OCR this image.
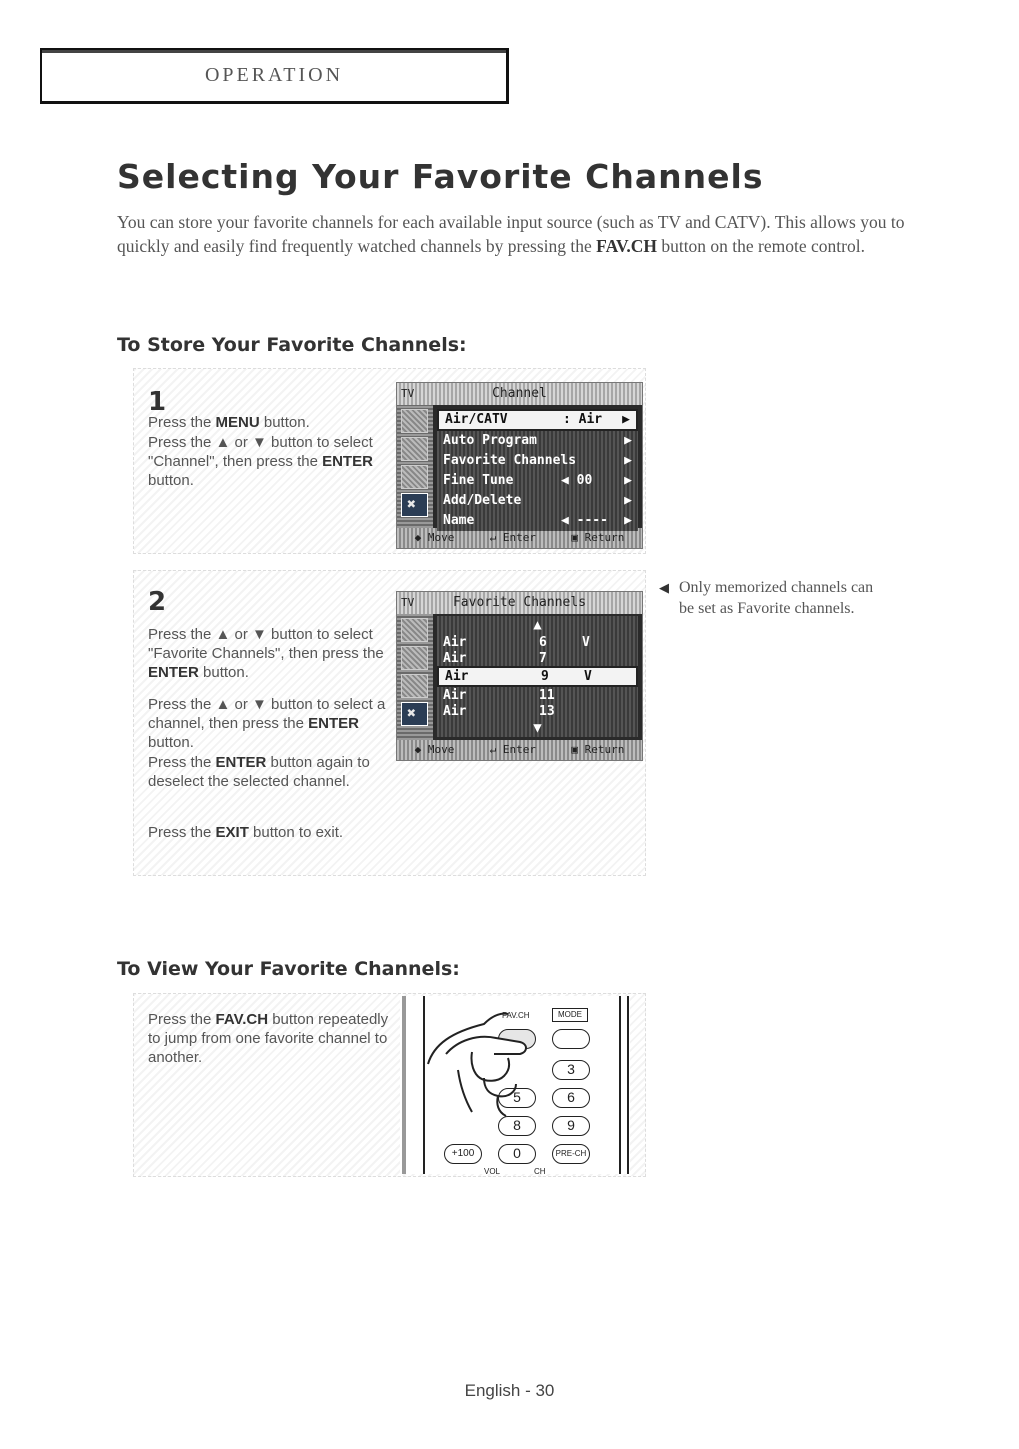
OPERATION
Selecting Your Favorite Channels
You can store your favorite channels for each available input source (such as TV and CATV). This allows you to quickly and easily find frequently watched channels by pressing the FAV.CH button on the remote control.
To Store Your Favorite Channels:
1
Press the MENU button.
Press the ▲ or ▼ button to select "Channel", then press the ENTER button.
TV	Channel
✖
Air/CATV	: Air ▶
Auto Program	▶
Favorite Channels	▶
Fine Tune	◀ 00 ▶
Add/Delete	▶
Name	◀ ---- ▶
◆ Move	↵ Enter	▣ Return
2
Press the ▲ or ▼ button to select "Favorite Channels", then press the ENTER button.
Press the ▲ or ▼ button to select a channel, then press the ENTER button.
Press the ENTER button again to deselect the selected channel.
Press the EXIT button to exit.
TV	Favorite Channels
✖
▲
Air	6	V
Air	7
Air	9	V
Air	11
Air	13
▼
◆ Move	↵ Enter	▣ Return
◀ Only memorized channels can be set as Favorite channels.
To View Your Favorite Channels:
Press the FAV.CH button repeatedly to jump from one favorite channel to another.
FAV.CH	MODE
3
5	6
8	9
+100	0	PRE-CH
VOL	CH
English - 30
